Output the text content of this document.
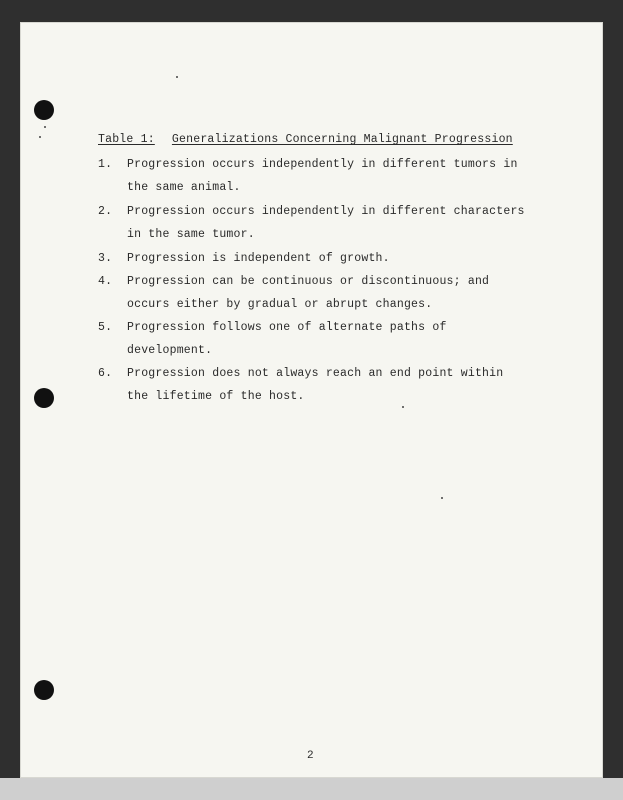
Table 1: Generalizations Concerning Malignant Progression
1.	Progression occurs independently in different tumors in the same animal.
2.	Progression occurs independently in different characters in the same tumor.
3.	Progression is independent of growth.
4.	Progression can be continuous or discontinuous; and occurs either by gradual or abrupt changes.
5.	Progression follows one of alternate paths of development.
6.	Progression does not always reach an end point within the lifetime of the host.
2
